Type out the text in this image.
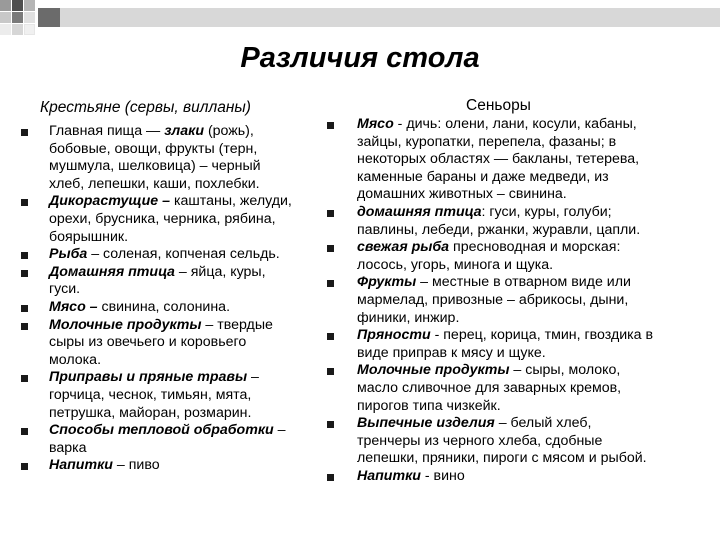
Различия стола
Крестьяне (сервы, вилланы)	Сеньоры
Главная пища — злаки (рожь),
бобовые, овощи, фрукты (терн,
мушмула, шелковица) – черный
хлеб, лепешки, каши, похлебки.
Дикорастущие – каштаны, желуди,
орехи, брусника, черника, рябина,
боярышник.
Рыба – соленая, копченая сельдь.
Домашняя птица – яйца, куры,
гуси.
Мясо – свинина, солонина.
Молочные продукты – твердые
сыры из овечьего и коровьего
молока.
Приправы и пряные травы –
горчица, чеснок, тимьян, мята,
петрушка, майоран, розмарин.
Способы тепловой обработки –
варка
Напитки – пиво
Мясо - дичь: олени, лани, косули, кабаны,
зайцы, куропатки, перепела, фазаны; в
некоторых областях — бакланы, тетерева,
каменные бараны и даже медведи, из
домашних животных – свинина.
домашняя птица: гуси, куры, голуби;
павлины, лебеди, ржанки, журавли, цапли.
свежая рыба пресноводная и морская:
лосось, угорь, минога и щука.
Фрукты – местные в отварном виде или
мармелад, привозные – абрикосы, дыни,
финики, инжир.
Пряности - перец, корица, тмин, гвоздика в
виде приправ к мясу и щуке.
Молочные продукты – сыры, молоко,
масло сливочное для заварных кремов,
пирогов типа чизкейк.
Выпечные изделия – белый хлеб,
тренчеры из черного хлеба, сдобные
лепешки, пряники, пироги с мясом и рыбой.
Напитки - вино
